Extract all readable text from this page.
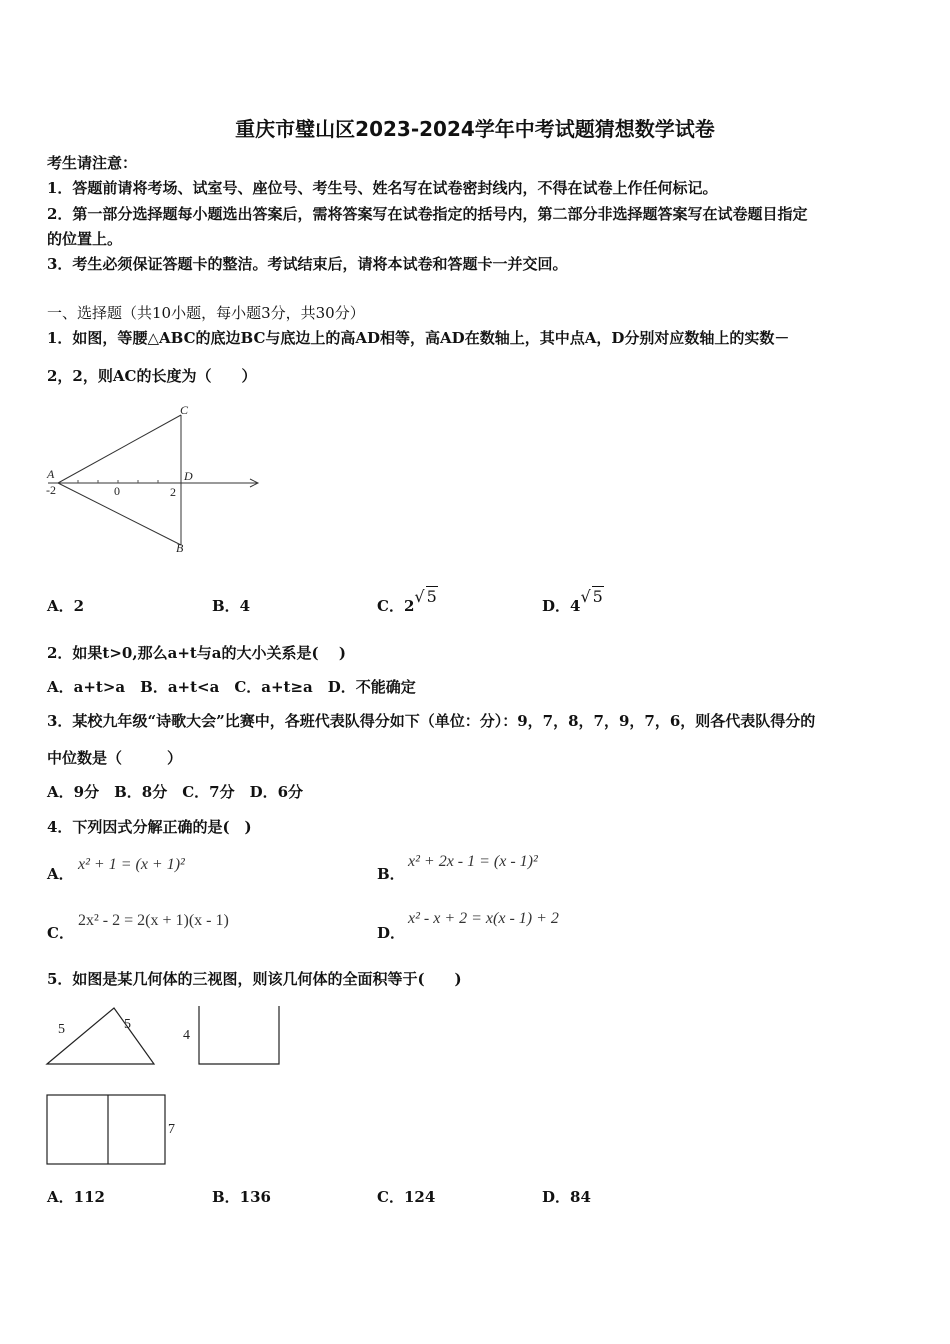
重庆市璧山区2023-2024学年中考试题猜想数学试卷
考生请注意：
1．答题前请将考场、试室号、座位号、考生号、姓名写在试卷密封线内，不得在试卷上作任何标记。
2．第一部分选择题每小题选出答案后，需将答案写在试卷指定的括号内，第二部分非选择题答案写在试卷题目指定
的位置上。
3．考生必须保证答题卡的整洁。考试结束后，请将本试卷和答题卡一并交回。
一、选择题（共10小题，每小题3分，共30分）
1．如图，等腰△ABC的底边BC与底边上的高AD相等，高AD在数轴上，其中点A，D分别对应数轴上的实数－
2，2，则AC的长度为（　　）
C
A	D
B
-2	0	2
A．2	B．4	C．2√ 5	D．4√ 5
2．如果t>0,那么a+t与a的大小关系是(　 )
A．a+t>a　B．a+t<a　C．a+t≥a　D．不能确定
3．某校九年级“诗歌大会”比赛中，各班代表队得分如下（单位：分）：9，7，8，7，9，7，6，则各代表队得分的
中位数是（　　　）
A．9分　B．8分　C．7分　D．6分
4．下列因式分解正确的是(　)
A．
x² + 1 = (x + 1)²
B．
x² + 2x - 1 = (x - 1)²
C．
2x² - 2 = 2(x + 1)(x - 1)
D．
x² - x + 2 = x(x - 1) + 2
5．如图是某几何体的三视图，则该几何体的全面积等于(　　)
5	5
4
7
A．112	B．136	C．124	D．84
